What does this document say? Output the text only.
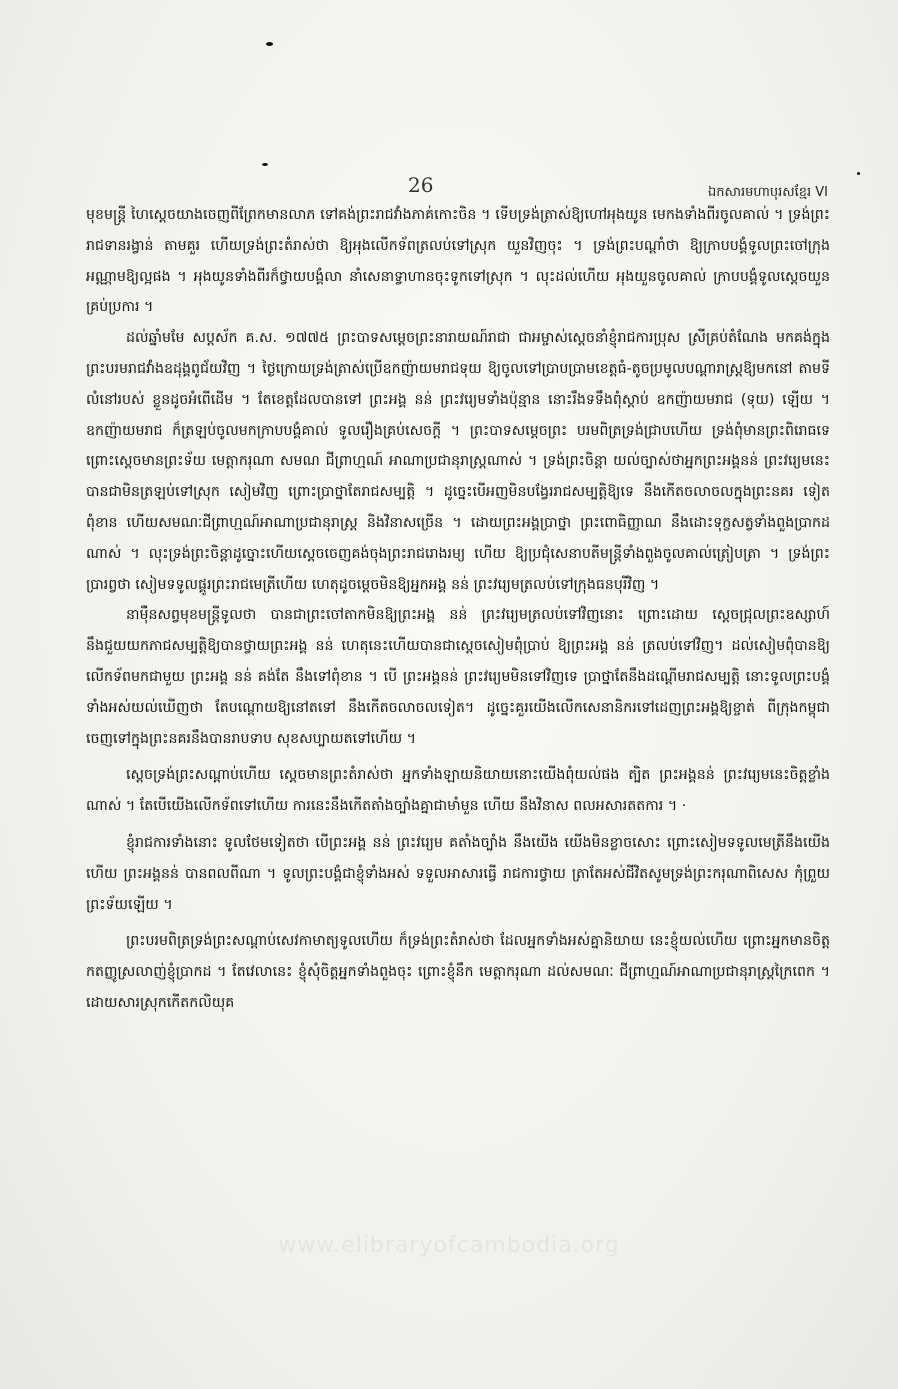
26	ឯកសារមហាបុរសខ្មែរ VI

មុខមន្ត្រី ហៃស្តេចយាងចេញពីព្រែកមានលាភ ទៅគង់ព្រះរាជវាំងភាគ់កោះចិន ។ ទើបទ្រង់ត្រាស់ឱ្យហៅអុងយូន មេកងទាំងពីរចូលគាល់ ។ ទ្រង់ព្រះរាជទានរង្វាន់ តាមគួរ ហើយទ្រង់ព្រះតំរាស់ថា ឱ្យអុងលើកទ័ពត្រលប់ទៅស្រុក យួនវិញចុះ ។ ទ្រង់ព្រះបណ្តាំថា ឱ្យក្រាបបង្គំទូលព្រះចៅក្រុង អណ្ណាមឱ្យល្អផង ។ អុងយូនទាំងពីរក៏ថ្វាយបង្គំលា នាំសេនាទ្វាហានចុះទូកទៅស្រុក ។ លុះដល់ហើយ អុងយួនចូលគាល់ ក្រាបបង្គំទូលស្តេចយួនគ្រប់ប្រការ ។

ដល់ឆ្នាំមមែ សប្តស័ក គ.ស. ១៧៧៥ ព្រះបាទសម្តេចព្រះនារាយណ៍រាជា ជាអម្ចាស់ស្តេចនាំខ្ញុំរាជការប្រុស ស្រីគ្រប់តំណែង មកគង់ក្នុងព្រះបរមរាជវាំងឧដុង្គពូជ័យវិញ ។ ថ្ងៃក្រោយទ្រង់ត្រាស់ប្រើឧកញ៉ាយមរាជទុយ ឱ្យចូលទៅប្រាបប្រាមខេត្តធំ-តូចប្រមូលបណ្តារាស្ត្រឱ្យមកនៅ តាមទីលំនៅរបស់ ខ្លួនដូចអំពើដើម ។ តែខេត្តដែលបានទៅ ព្រះអង្គ នន់ ព្រះវរ្យេមទាំងប៉ុន្មាន នោះរឹងទទឹងពុំស្តាប់ ឧកញ៉ាយមរាជ (ទុយ) ឡើយ ។ ឧកញ៉ាយមរាជ ក៏ត្រឡប់ចូលមកក្រាបបង្គំគាល់ ទូលរឿងគ្រប់សេចក្តី ។ ព្រះបាទសម្តេចព្រះ បរមពិត្រទ្រង់ជ្រាបហើយ ទ្រង់ពុំមានព្រះពិរោធទេ ព្រោះស្តេចមានព្រះទ័យ មេត្តាករុណា សមណ ជីព្រាហ្មណ៍ អាណាប្រជានុរាស្ត្រណាស់ ។ ទ្រង់ព្រះចិន្តា យល់ច្បាស់ថាអ្នកព្រះអង្គនន់ ព្រះវរ្យេមនេះ បានជាមិនត្រឡប់ទៅស្រុក សៀមវិញ ព្រោះប្រាថ្នាតែរាជសម្បត្តិ ។ ដូច្នេះបើអញមិនបង្វែររាជសម្បត្តិឱ្យទេ នឹងកើតចលាចលក្នុងព្រះនគរ ទៀតពុំខាន ហើយសមណៈជីព្រាហ្មណ៍អាណាប្រជានុរាស្ត្រ និងវិនាសច្រើន ។ ដោយព្រះអង្គប្រាថ្នា ព្រះពោធិញ្ញាណ នឹងដោះទុក្ខសត្វទាំងពួងប្រាកដណាស់ ។ លុះទ្រង់ព្រះចិន្តាដូច្នោះហើយស្តេចចេញគង់ចុងព្រះរាជរោងរម្យ ហើយ ឱ្យប្រជុំសេនាបតីមន្ត្រីទាំងពួងចូលគាល់ត្រៀបត្រា ។ ទ្រង់ព្រះប្រារព្វថា សៀមទទូលផ្គូរព្រះរាជមេត្រីហើយ ហេតុដូចម្តេចមិនឱ្យអ្នកអង្គ នន់ ព្រះវរ្យេមត្រលប់ទៅក្រុងធនបុរីវិញ ។

នាម៉ឺនសព្វមុខមន្ត្រីទូលថា បានជាព្រះចៅតាកមិនឱ្យព្រះអង្គ នន់ ព្រះវរ្យេមត្រលប់ទៅវិញនោះ ព្រោះដោយ ស្តេចជ្រុលព្រះឧស្សាហ៍ នឹងជួយយកភាជសម្បត្តិឱ្យបានថ្វាយព្រះអង្គ នន់ ហេតុនេះហើយបានជាស្តេចសៀមពុំប្រាប់ ឱ្យព្រះអង្គ នន់ ត្រលប់ទៅវិញ។ ដល់សៀមពុំបានឱ្យលើកទ័ពមកជាមួយ ព្រះអង្គ នន់ គង់តែ នឹងទៅពុំខាន ។ បើ ព្រះអង្គនន់ ព្រះវរ្យេមមិនទៅវិញទេ ប្រាថ្នាតែនឹងដណ្តើមរាជសម្បត្តិ នោះទូលព្រះបង្គំទាំងអស់យល់ឃើញថា តែបណ្តោយឱ្យនៅតទៅ នឹងកើតចលាចលទៀត។ ដូច្នេះគួរយើងលើកសេនានិករទៅដេញព្រះអង្គឱ្យខ្ចាត់ ពីក្រុងកម្ពុជាចេញទៅក្នុងព្រះនគរនឹងបានរាបទាប សុខសប្បាយតទៅហើយ ។

ស្តេចទ្រង់ព្រះសណ្តាប់ហើយ ស្តេចមានព្រះតំរាស់ថា អ្នកទាំងឡាយនិយាយនោះយើងពុំយល់ផង ត្បិត ព្រះអង្គនន់ ព្រះវរ្យេមនេះចិត្តខ្លាំងណាស់ ។ តែបើយើងលើកទ័ពទៅហើយ ការនេះនឹងកើតតាំងច្បាំងគ្នាជាមាំមួន ហើយ នឹងវិនាស ពលអសារតតការ ។ ·

ខ្ញុំរាជការទាំងនោះ ទូលថែមទៀតថា បើព្រះអង្គ នន់ ព្រះវរ្យេម គតាំងច្បាំង នឹងយើង យើងមិនខ្លាចសោះ ព្រោះសៀមទទូលមេត្រីនឹងយើងហើយ ព្រះអង្គនន់ បានពលពីណា ។ ទូលព្រះបង្គំជាខ្ញុំទាំងអស់ ទទួលអាសារធ្វើ រាជការថ្វាយ ត្រាតែអស់ជីវិតសូមទ្រង់ព្រះករុណាពិសេស កុំព្រួយព្រះទ័យឡើយ ។

ព្រះបរមពិត្រទ្រង់ព្រះសណ្តាប់សេវកាមាត្យទូលហើយ ក៏ទ្រង់ព្រះតំរាស់ថា ដែលអ្នកទាំងអស់គ្នានិយាយ នេះខ្ញុំយល់ហើយ ព្រោះអ្នកមានចិត្តកតញ្ញូស្រលាញ់ខ្ញុំប្រាកដ ។ តែវេលានេះ ខ្ញុំសុំចិត្តអ្នកទាំងពួងចុះ ព្រោះខ្ញុំនឹក មេត្តាករុណា ដល់សមណៈ ជីព្រាហ្មណ៍អាណាប្រជានុរាស្ត្រក្រៃពេក ។ ដោយសារស្រុកកើតកលិយុគ

www.elibraryofcambodia.org
